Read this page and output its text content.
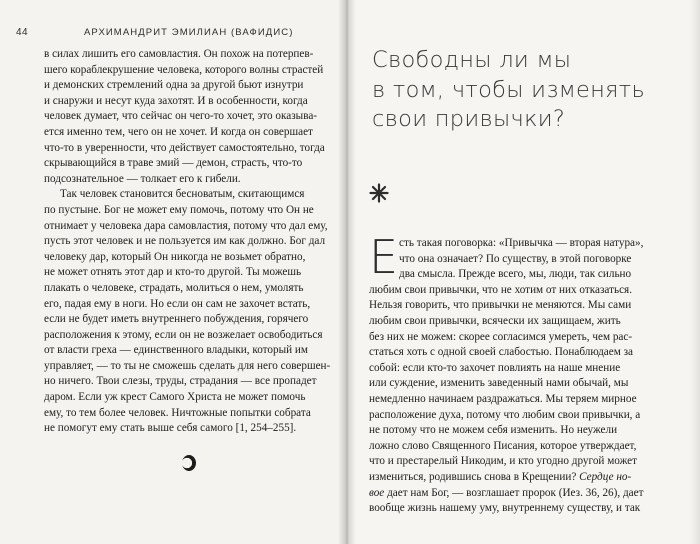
44	АРХИМАНДРИТ ЭМИЛИАН (ВАФИДИС)
в силах лишить его самовластия. Он похож на потерпев-
шего кораблекрушение человека, которого волны страстей
и демонских стремлений одна за другой бьют изнутри
и снаружи и несут куда захотят. И в особенности, когда
человек думает, что сейчас он чего-то хочет, это оказыва-
ется именно тем, чего он не хочет. И когда он совершает
что-то в уверенности, что действует самостоятельно, тогда
скрывающийся в траве змий — демон, страсть, что-то
подсознательное — толкает его к гибели.
Так человек становится бесноватым, скитающимся
по пустыне. Бог не может ему помочь, потому что Он не
отнимает у человека дара самовластия, потому что дал ему,
пусть этот человек и не пользуется им как должно. Бог дал
человеку дар, который Он никогда не возьмет обратно,
не может отнять этот дар и кто-то другой. Ты можешь
плакать о человеке, страдать, молиться о нем, умолять
его, падая ему в ноги. Но если он сам не захочет встать,
если не будет иметь внутреннего побуждения, горячего
расположения к этому, если он не возжелает освободиться
от власти греха — единственного владыки, который им
управляет, — то ты не сможешь сделать для него совершен-
но ничего. Твои слезы, труды, страдания — все пропадет
даром. Если уж крест Самого Христа не может помочь
ему, то тем более человек. Ничтожные попытки собрата
не помогут ему стать выше себя самого [1, 254–255].
Свободны ли мы
в том, чтобы изменять
свои привычки?
Е сть такая поговорка: «Привычка — вторая натура»,
что она означает? По существу, в этой поговорке
два смысла. Прежде всего, мы, люди, так сильно
любим свои привычки, что не хотим от них отказаться.
Нельзя говорить, что привычки не меняются. Мы сами
любим свои привычки, всячески их защищаем, жить
без них не можем: скорее согласимся умереть, чем рас-
статься хоть с одной своей слабостью. Понаблюдаем за
собой: если кто-то захочет повлиять на наше мнение
или суждение, изменить заведенный нами обычай, мы
немедленно начинаем раздражаться. Мы теряем мирное
расположение духа, потому что любим свои привычки, а
не потому что не можем себя изменить. Но неужели
ложно слово Священного Писания, которое утверждает,
что и престарелый Никодим, и кто угодно другой может
измениться, родившись снова в Крещении? Сердце но-
вое дает нам Бог, — возглашает пророк (Иез. 36, 26), дает
вообще жизнь нашему уму, внутреннему существу, и так
